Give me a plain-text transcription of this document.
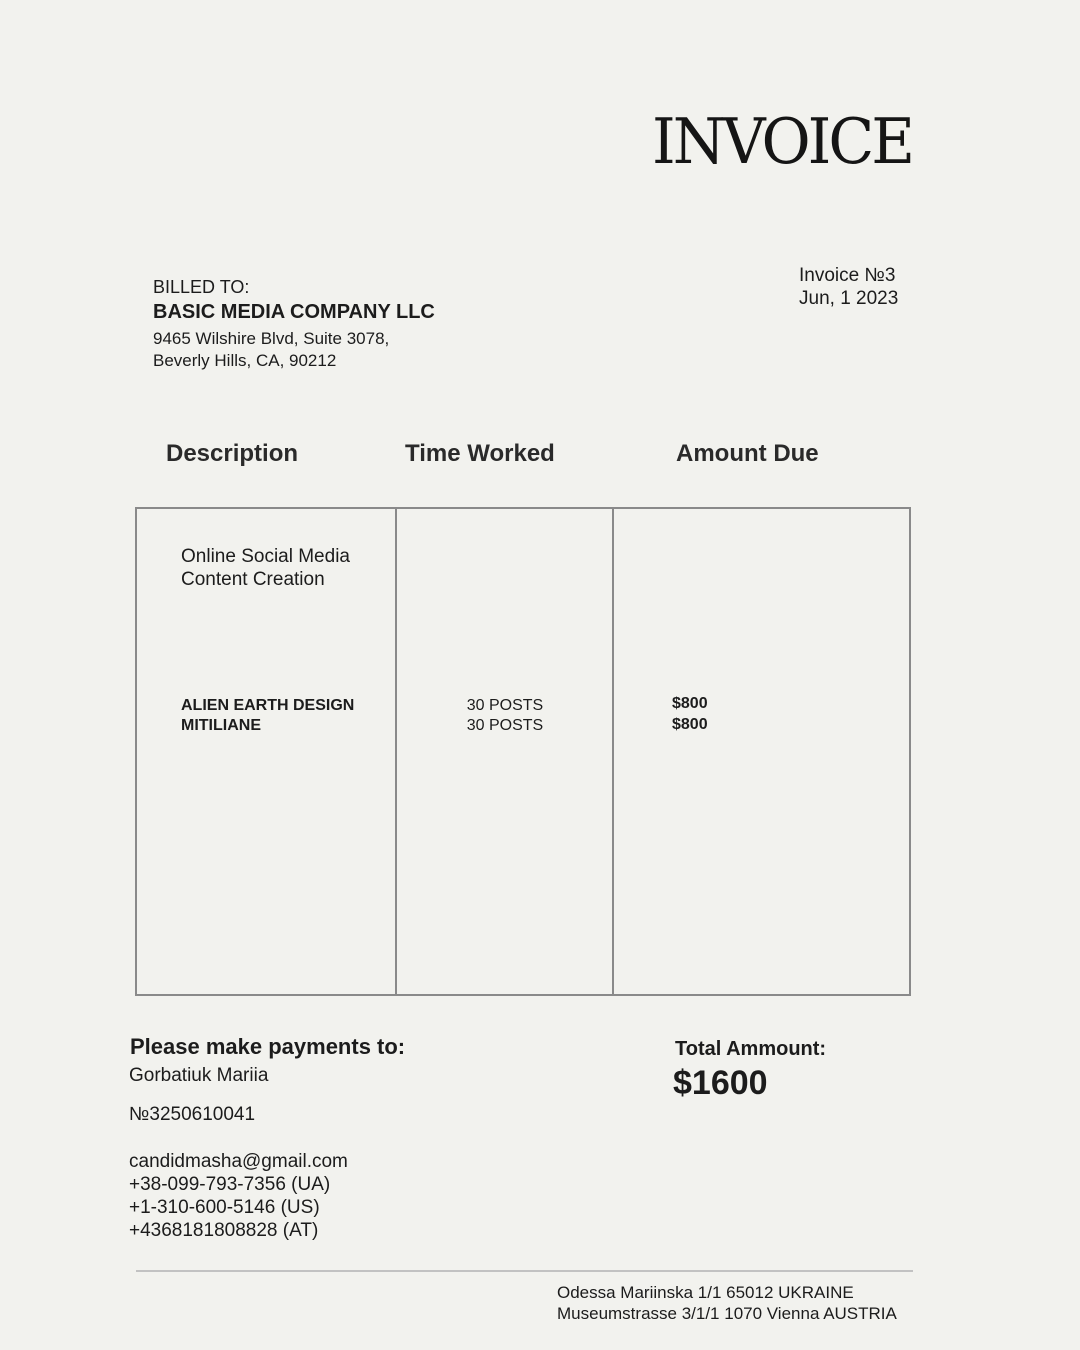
INVOICE
BILLED TO:
BASIC MEDIA COMPANY LLC
9465 Wilshire Blvd, Suite 3078,
Beverly Hills, CA, 90212
Invoice №3
Jun, 1 2023
Description	Time Worked	Amount Due
Online Social Media Content Creation
ALIEN EARTH DESIGN
MITILIANE
30 POSTS
30 POSTS
$800
$800
Please make payments to:
Gorbatiuk Mariia
№3250610041
candidmasha@gmail.com
+38-099-793-7356 (UA)
+1-310-600-5146 (US)
+4368181808828 (AT)
Total Ammount:
$1600
Odessa Mariinska 1/1 65012 UKRAINE
Museumstrasse 3/1/1 1070 Vienna AUSTRIA
